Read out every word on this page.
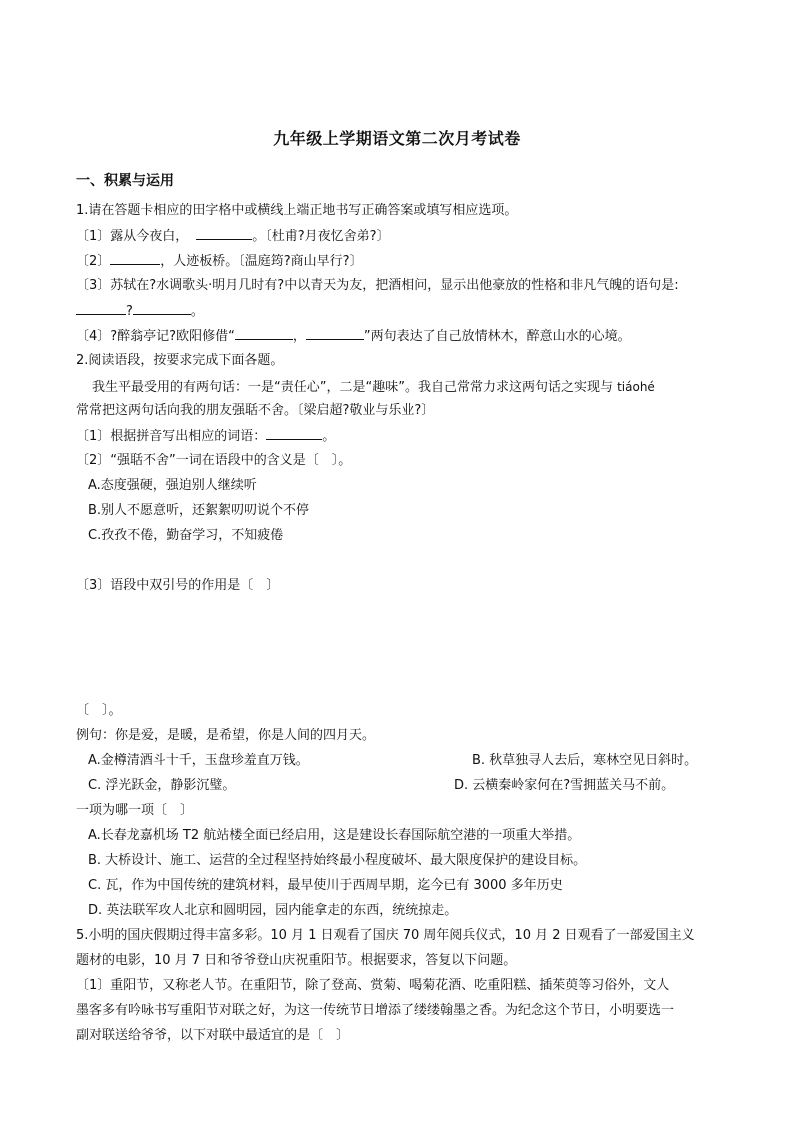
九年级上学期语文第二次月考试卷
一、积累与运用
1.请在答题卡相应的田字格中或横线上端正地书写正确答案或填写相应选项。
〔1〕露从今夜白，	。〔杜甫?月夜忆舍弟?〕
〔2〕	，人迹板桥。〔温庭筠?商山早行?〕
〔3〕苏轼在?水调歌头·明月几时有?中以青天为友，把酒相问，显示出他豪放的性格和非凡气魄的语句是:
?	。
〔4〕?醉翁亭记?欧阳修借“	，	”两句表达了自己放情林木，醉意山水的心境。
2.阅读语段，按要求完成下面各题。
我生平最受用的有两句话：一是“责任心”，二是“趣味”。我自己常常力求这两句话之实现与 tiáohé
常常把这两句话向我的朋友强聒不舍。〔梁启超?敬业与乐业?〕
〔1〕根据拼音写出相应的词语：	。
〔2〕“强聒不舍”一词在语段中的含义是〔　〕。
A.态度强硬，强迫别人继续听
B.别人不愿意听，还絮絮叨叨说个不停
C.孜孜不倦，勤奋学习，不知疲倦
〔3〕语段中双引号的作用是〔　〕
〔　〕。
例句：你是爱，是暖，是希望，你是人间的四月天。
A.金樽清酒斗十千，玉盘珍羞直万钱。	B. 秋草独寻人去后，寒林空见日斜时。
C. 浮光跃金，静影沉璧。	D. 云横秦岭家何在?雪拥蓝关马不前。
一项为哪一项〔　〕
A.长春龙嘉机场 T2 航站楼全面已经启用，这是建设长春国际航空港的一项重大举措。
B. 大桥设计、施工、运营的全过程坚持始终最小程度破坏、最大限度保护的建设目标。
C. 瓦，作为中国传统的建筑材料，最早使川于西周早期，迄今已有 3000 多年历史
D. 英法联军攻人北京和圆明园，园内能拿走的东西，统统掠走。
5.小明的国庆假期过得丰富多彩。10 月 1 日观看了国庆 70 周年阅兵仪式，10 月 2 日观看了一部爱国主义
题材的电影，10 月 7 日和爷爷登山庆祝重阳节。根据要求，答复以下问题。
〔1〕重阳节，又称老人节。在重阳节，除了登高、赏菊、喝菊花酒、吃重阳糕、插茱萸等习俗外，文人
墨客多有吟咏书写重阳节对联之好，为这一传统节日增添了缕缕翰墨之香。为纪念这个节日，小明要选一
副对联送给爷爷，以下对联中最适宜的是〔　〕
